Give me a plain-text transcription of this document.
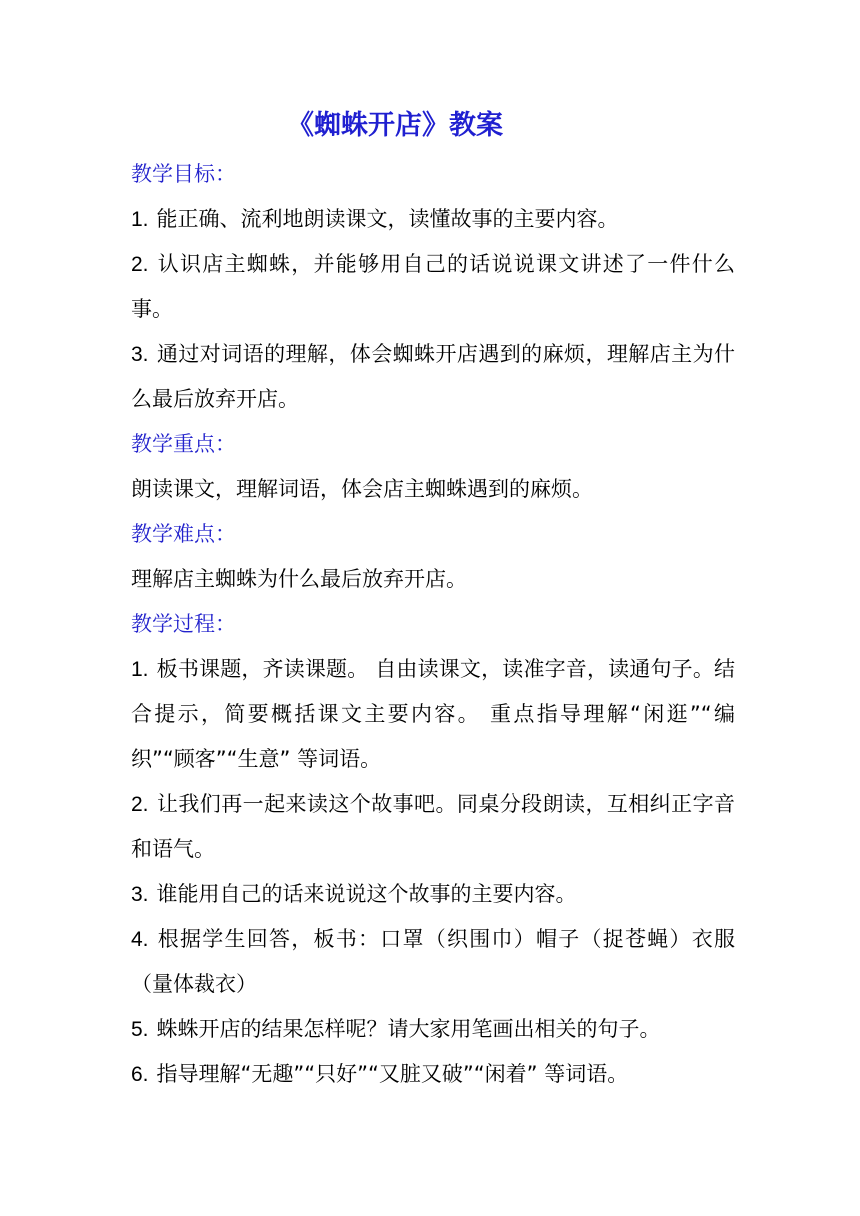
《蜘蛛开店》教案

教学目标：

1. 能正确、流利地朗读课文，读懂故事的主要内容。

2. 认识店主蜘蛛，并能够用自己的话说说课文讲述了一件什么事。

3. 通过对词语的理解，体会蜘蛛开店遇到的麻烦，理解店主为什么最后放弃开店。

教学重点：

朗读课文，理解词语，体会店主蜘蛛遇到的麻烦。

教学难点：

理解店主蜘蛛为什么最后放弃开店。

教学过程：

1. 板书课题，齐读课题。 自由读课文，读准字音，读通句子。结合提示，简要概括课文主要内容。 重点指导理解“闲逛”“编织”“顾客”“生意” 等词语。

2. 让我们再一起来读这个故事吧。同桌分段朗读，互相纠正字音和语气。

3. 谁能用自己的话来说说这个故事的主要内容。

4. 根据学生回答，板书：口罩（织围巾）帽子（捉苍蝇）衣服（量体裁衣）

5. 蛛蛛开店的结果怎样呢？请大家用笔画出相关的句子。

6. 指导理解“无趣”“只好”“又脏又破”“闲着” 等词语。
